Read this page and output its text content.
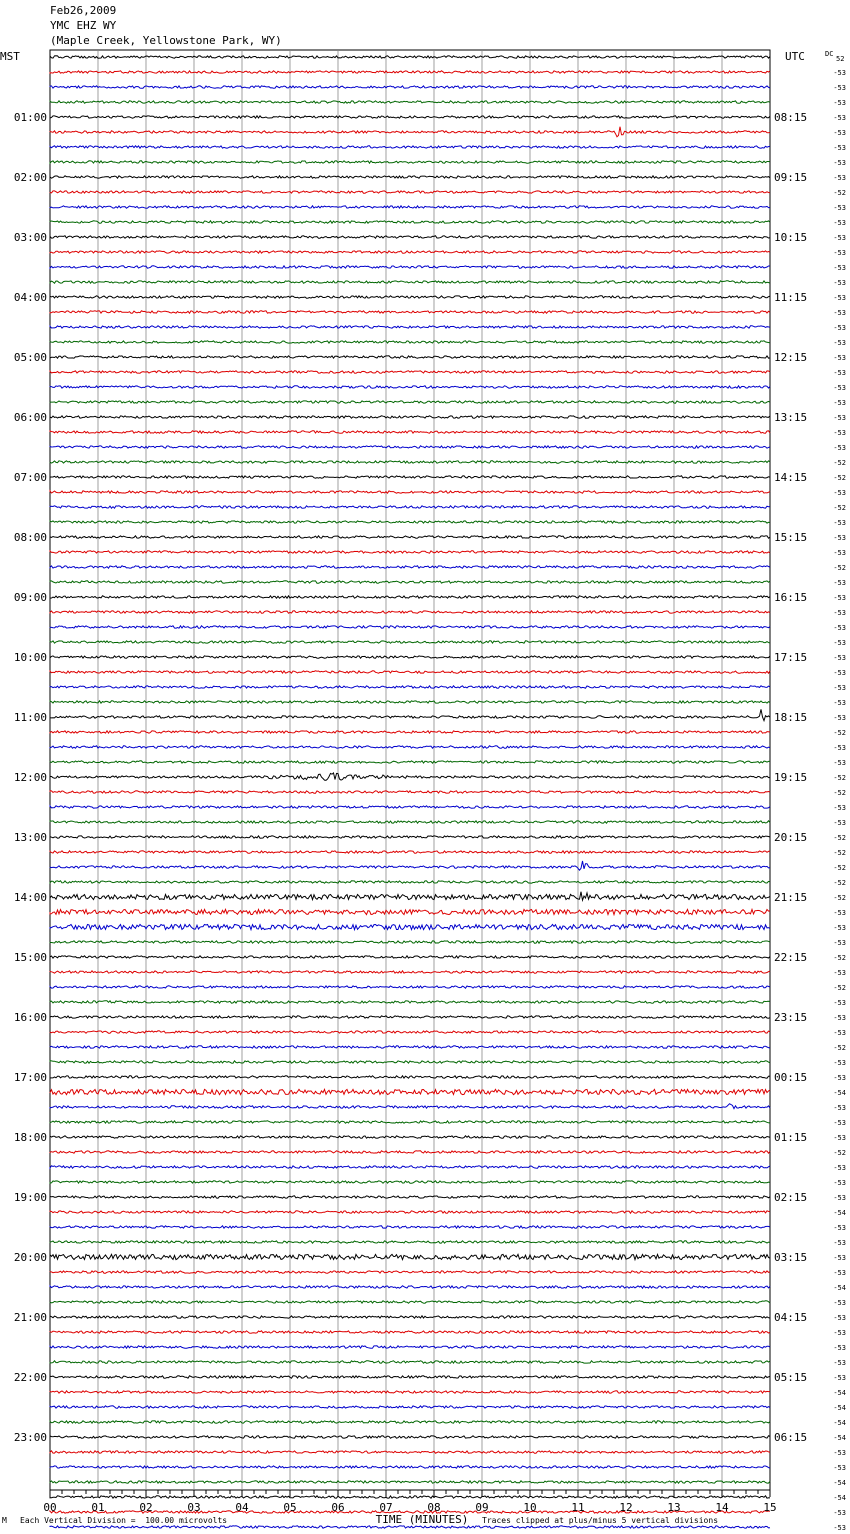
Feb26,2009
YMC EHZ WY
(Maple Creek, Yellowstone Park, WY)
MST	UTC
01:00
02:00
03:00
04:00
05:00
06:00
07:00
08:00
09:00
10:00
11:00
12:00
13:00
14:00
15:00
16:00
17:00
18:00
19:00
20:00
21:00
22:00
23:00
08:15
09:15
10:15
11:15
12:15
13:15
14:15
15:15
16:15
17:15
18:15
19:15
20:15
21:15
22:15
23:15
00:15
01:15
02:15
03:15
04:15
05:15
06:15
DC
52
-53
-53
-53
-53
-53
-53
-53
-53
-52
-53
-53
-53
-53
-53
-53
-53
-53
-53
-53
-53
-53
-53
-53
-53
-53
-53
-52
-52
-53
-52
-53
-53
-53
-52
-53
-53
-53
-53
-53
-53
-53
-53
-53
-53
-52
-53
-53
-52
-52
-53
-53
-52
-52
-52
-52
-52
-53
-53
-53
-52
-53
-52
-53
-53
-53
-52
-53
-53
-54
-53
-53
-53
-52
-53
-53
-53
-54
-53
-53
-53
-53
-54
-53
-53
-53
-53
-53
-53
-54
-54
-54
-54
-53
-53
-54
-54
-53
-53
00	01	02	03	04	05	06	07	08	09	10	11	12	13	14	15
TIME (MINUTES)
M Each Vertical Division =  100.00 microvolts	Traces clipped at plus/minus 5 vertical divisions
